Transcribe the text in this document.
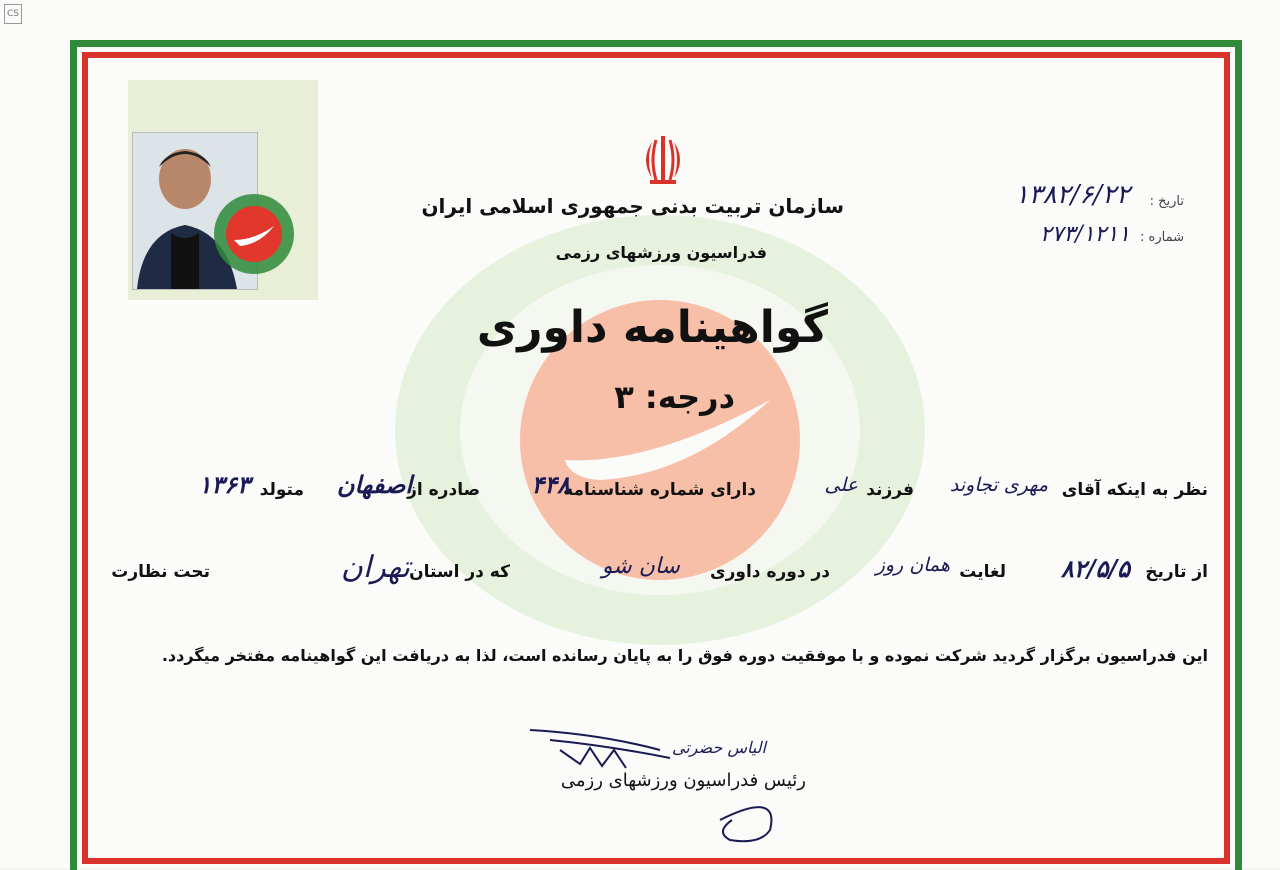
CS
سازمان تربیت بدنی جمهوری اسلامی ایران
فدراسیون ورزشهای رزمی
تاریخ :
۱۳۸۲/۶/۲۲
شماره :
۲۷۳/۱۲۱۱
گواهینامه داوری
درجه: ۳
نظر به اینکه آقای
مهری تجاوند
فرزند
علی
دارای شماره شناسنامه
۴۴۸
صادره از
اصفهان
متولد
۱۳۶۳
از تاریخ
۸۲/۵/۵
لغایت
همان روز
در دوره داوری
سان شو
که در استان
تهران
تحت نظارت
این فدراسیون برگزار گردید شرکت نموده و با موفقیت دوره فوق را به پایان رسانده است، لذا به دریافت این گواهینامه مفتخر میگردد.
الیاس حضرتی
رئیس فدراسیون ورزشهای رزمی
